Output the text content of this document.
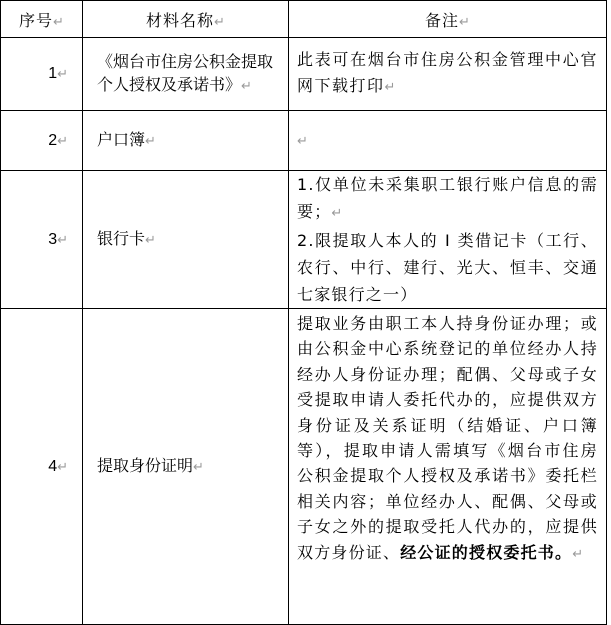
序号↵	材料名称↵	备注↵
1↵	《烟台市住房公积金提取个人授权及承诺书》↵	此表可在烟台市住房公积金管理中心官网下载打印↵
2↵	户口簿↵	↵
3↵	银行卡↵	1.仅单位未采集职工银行账户信息的需要；↵
2.限提取人本人的 I 类借记卡（工行、农行、中行、建行、光大、恒丰、交通七家银行之一）

4↵	提取身份证明↵	提取业务由职工本人持身份证办理；或由公积金中心系统登记的单位经办人持经办人身份证办理；配偶、父母或子女受提取申请人委托代办的，应提供双方身份证及关系证明（结婚证、户口簿等），提取申请人需填写《烟台市住房公积金提取个人授权及承诺书》委托栏相关内容；单位经办人、配偶、父母或子女之外的提取受托人代办的，应提供双方身份证、经公证的授权委托书。↵
